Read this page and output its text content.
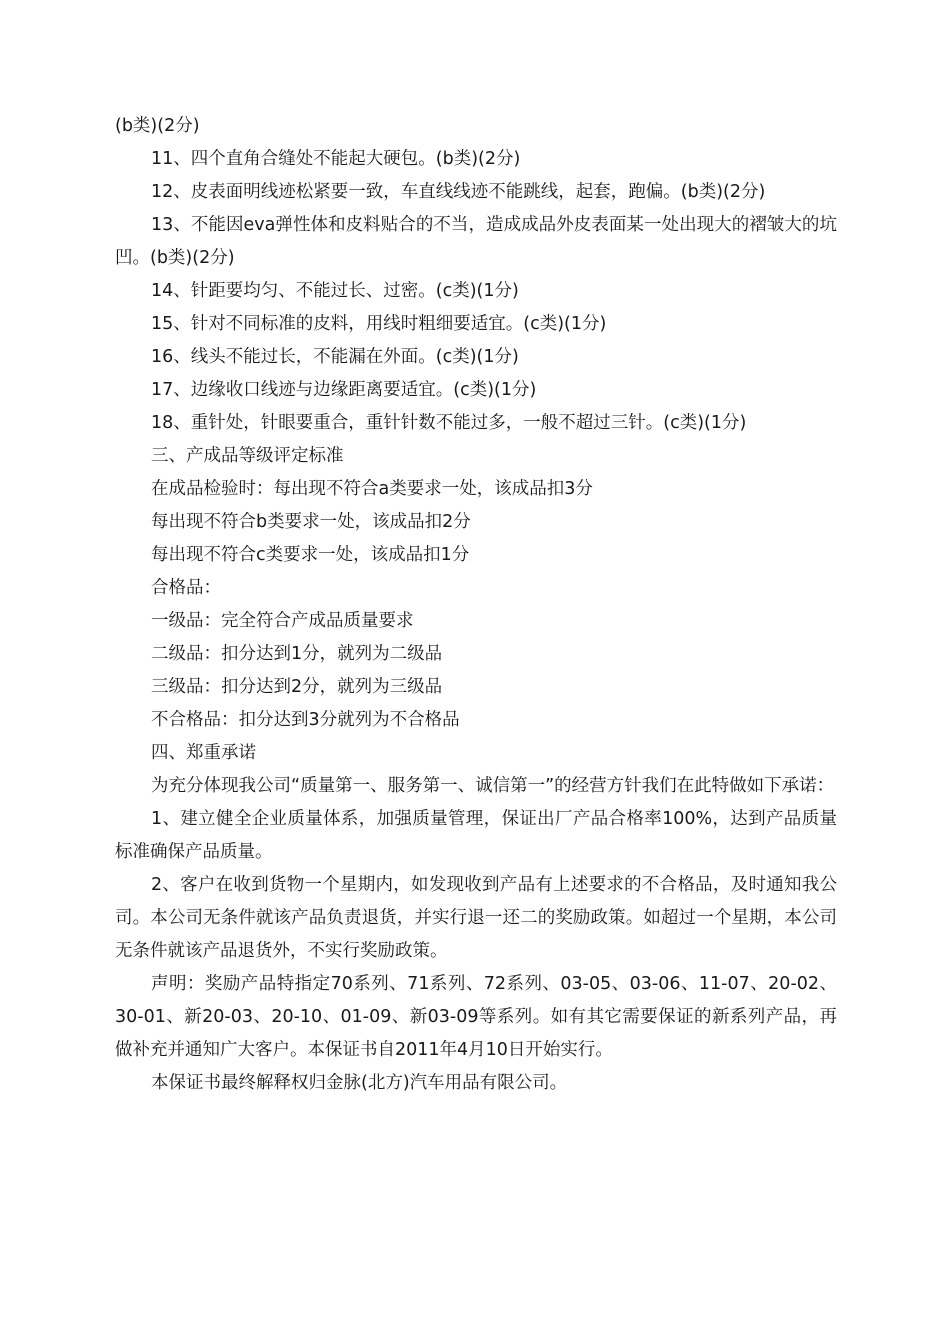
(b类)(2分)

11、四个直角合缝处不能起大硬包。(b类)(2分)

12、皮表面明线迹松紧要一致，车直线线迹不能跳线，起套，跑偏。(b类)(2分)

13、不能因eva弹性体和皮料贴合的不当，造成成品外皮表面某一处出现大的褶皱大的坑凹。(b类)(2分)

14、针距要均匀、不能过长、过密。(c类)(1分)

15、针对不同标准的皮料，用线时粗细要适宜。(c类)(1分)

16、线头不能过长，不能漏在外面。(c类)(1分)

17、边缘收口线迹与边缘距离要适宜。(c类)(1分)

18、重针处，针眼要重合，重针针数不能过多，一般不超过三针。(c类)(1分)

三、产成品等级评定标准

在成品检验时：每出现不符合a类要求一处，该成品扣3分

每出现不符合b类要求一处，该成品扣2分

每出现不符合c类要求一处，该成品扣1分

合格品：

一级品：完全符合产成品质量要求

二级品：扣分达到1分，就列为二级品

三级品：扣分达到2分，就列为三级品

不合格品：扣分达到3分就列为不合格品

四、郑重承诺

为充分体现我公司“质量第一、服务第一、诚信第一”的经营方针我们在此特做如下承诺：

1、建立健全企业质量体系，加强质量管理，保证出厂产品合格率100%，达到产品质量标准确保产品质量。

2、客户在收到货物一个星期内，如发现收到产品有上述要求的不合格品，及时通知我公司。本公司无条件就该产品负责退货，并实行退一还二的奖励政策。如超过一个星期，本公司无条件就该产品退货外，不实行奖励政策。

声明：奖励产品特指定70系列、71系列、72系列、03-05、03-06、11-07、20-02、30-01、新20-03、20-10、01-09、新03-09等系列。如有其它需要保证的新系列产品，再做补充并通知广大客户。本保证书自2011年4月10日开始实行。

本保证书最终解释权归金脉(北方)汽车用品有限公司。
